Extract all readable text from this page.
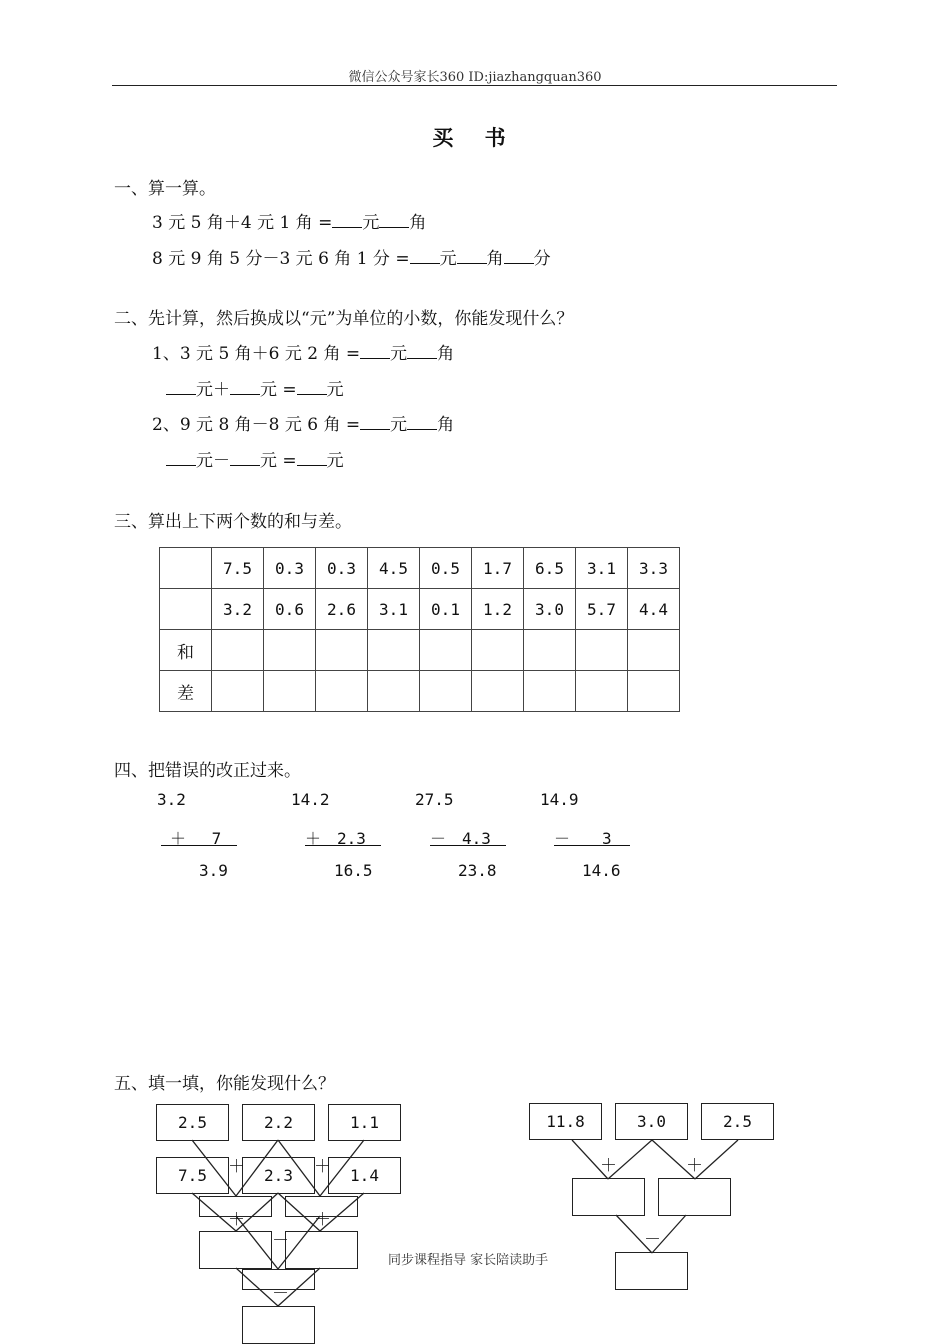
微信公众号家长360 ID:jiazhangquan360
买 书
一、算一算。
3 元 5 角＋4 元 1 角 = 元 角
8 元 9 角 5 分－3 元 6 角 1 分 = 元 角 分
二、先计算，然后换成以“元”为单位的小数，你能发现什么？
1、3 元 5 角＋6 元 2 角 = 元 角
元＋ 元 = 元
2、9 元 8 角－8 元 6 角 = 元 角
元－ 元 = 元
三、算出上下两个数的和与差。
	7.5	0.3	0.3	4.5	0.5	1.7	6.5	3.1	3.3
	3.2	0.6	2.6	3.1	0.1	1.2	3.0	5.7	4.4
和									
差									
四、把错误的改正过来。
3.2
＋　 7
3.9
14.2
＋　2.3
16.5
27.5
－　4.3
23.8
14.9
－　　3
14.6
五、填一填，你能发现什么？
2.5	2.2	1.1
7.5	2.3	1.4
＋	＋
＋	＋
－
－
11.8	3.0	2.5
＋	＋
－
同步课程指导 家长陪读助手
